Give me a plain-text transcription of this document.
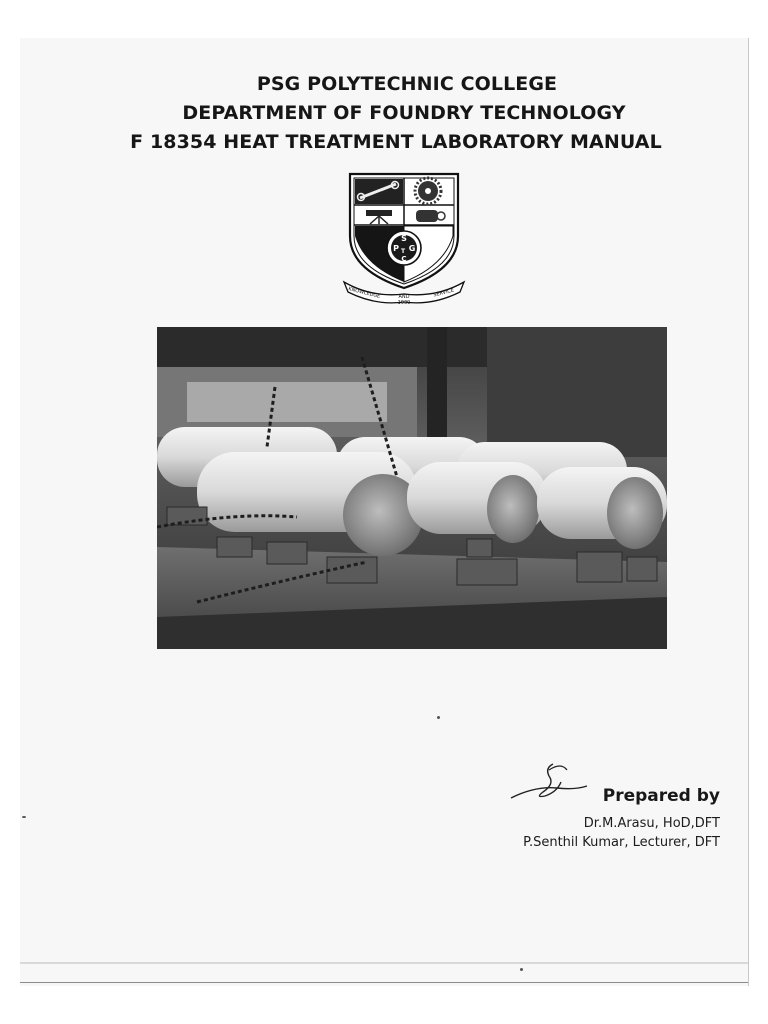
PSG POLYTECHNIC COLLEGE

DEPARTMENT OF FOUNDRY TECHNOLOGY

F 18354 HEAT TREATMENT LABORATORY MANUAL

S
P G
T
C
KNOWLEDGE	AND	SERVICE
1939
Prepared by
Dr.M.Arasu, HoD,DFT
P.Senthil Kumar, Lecturer, DFT
